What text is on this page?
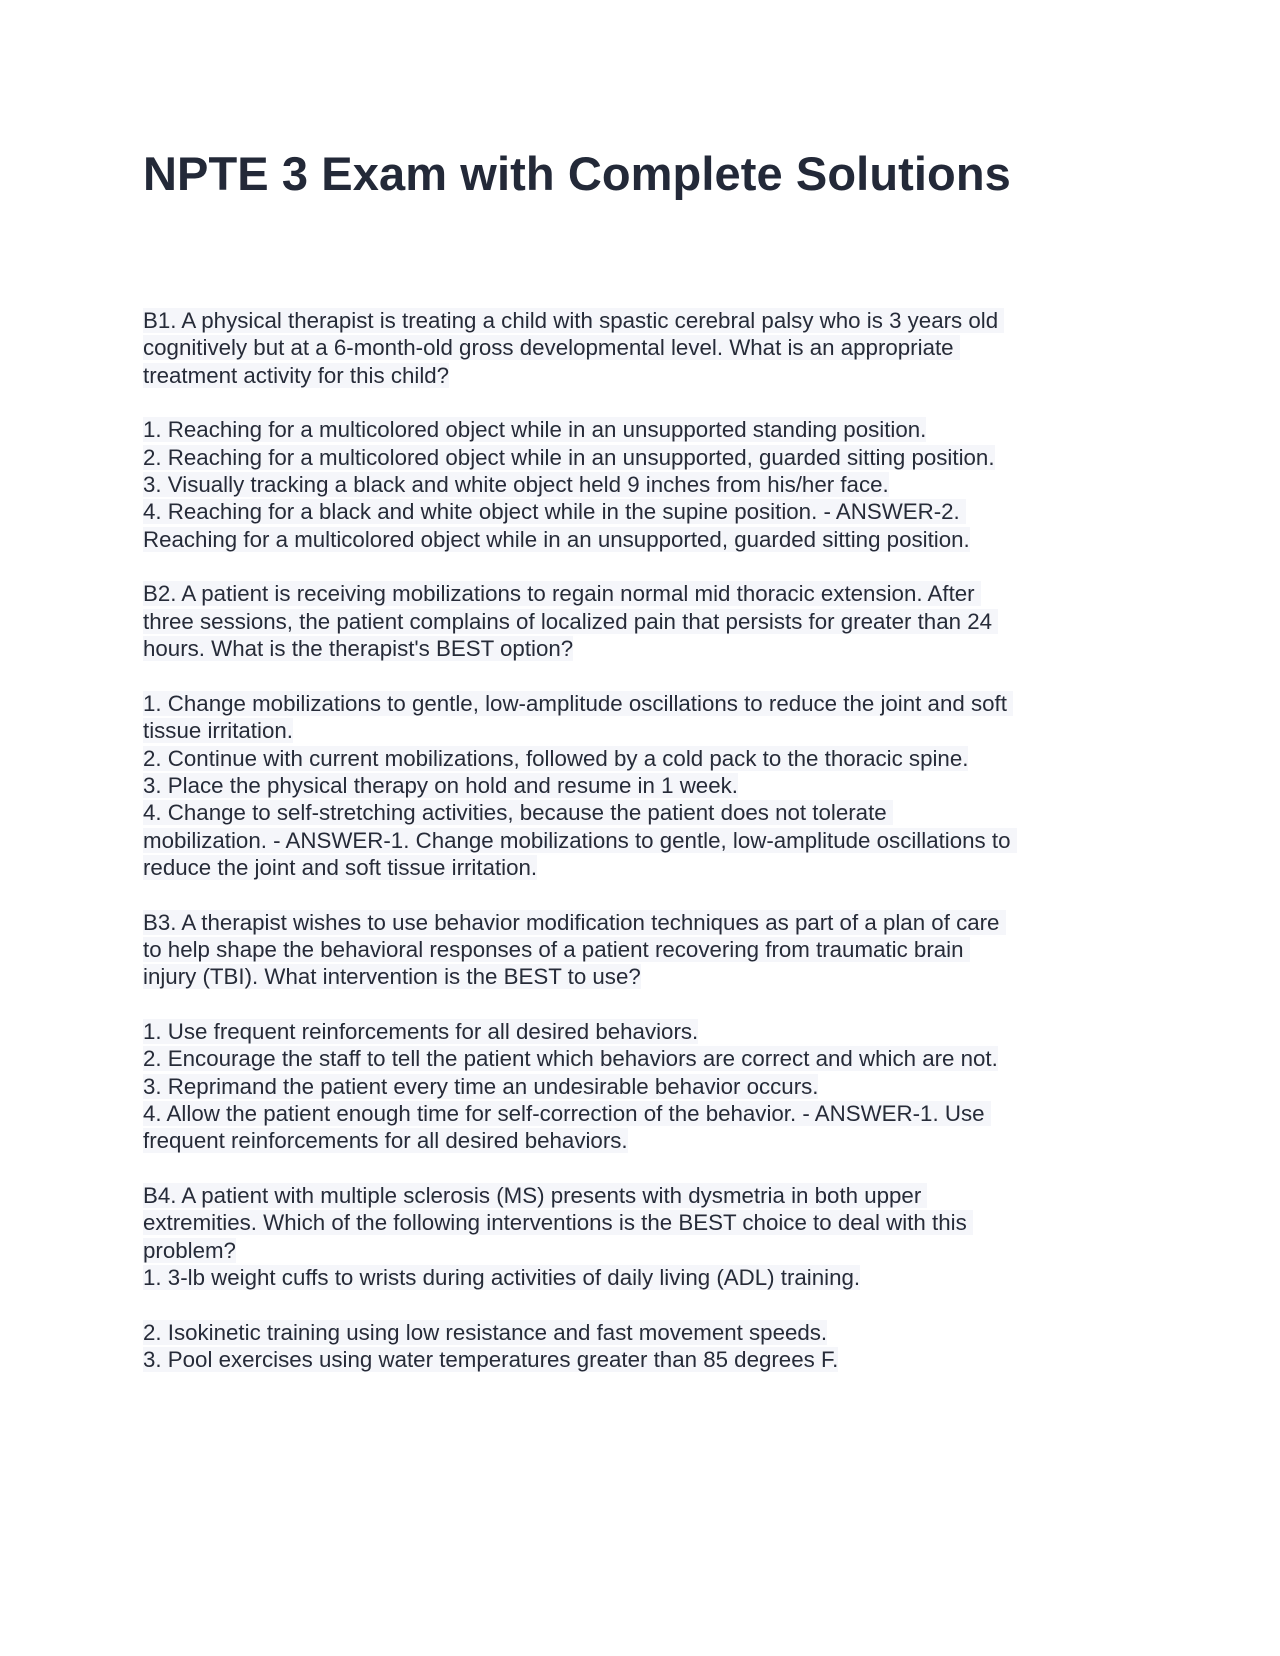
NPTE 3 Exam with Complete Solutions
B1. A physical therapist is treating a child with spastic cerebral palsy who is 3 years old
cognitively but at a 6-month-old gross developmental level. What is an appropriate
treatment activity for this child?
1. Reaching for a multicolored object while in an unsupported standing position.
2. Reaching for a multicolored object while in an unsupported, guarded sitting position.
3. Visually tracking a black and white object held 9 inches from his/her face.
4. Reaching for a black and white object while in the supine position. - ANSWER-2.
Reaching for a multicolored object while in an unsupported, guarded sitting position.
B2. A patient is receiving mobilizations to regain normal mid thoracic extension. After
three sessions, the patient complains of localized pain that persists for greater than 24
hours. What is the therapist's BEST option?
1. Change mobilizations to gentle, low-amplitude oscillations to reduce the joint and soft
tissue irritation.
2. Continue with current mobilizations, followed by a cold pack to the thoracic spine.
3. Place the physical therapy on hold and resume in 1 week.
4. Change to self-stretching activities, because the patient does not tolerate
mobilization. - ANSWER-1. Change mobilizations to gentle, low-amplitude oscillations to
reduce the joint and soft tissue irritation.
B3. A therapist wishes to use behavior modification techniques as part of a plan of care
to help shape the behavioral responses of a patient recovering from traumatic brain
injury (TBI). What intervention is the BEST to use?
1. Use frequent reinforcements for all desired behaviors.
2. Encourage the staff to tell the patient which behaviors are correct and which are not.
3. Reprimand the patient every time an undesirable behavior occurs.
4. Allow the patient enough time for self-correction of the behavior. - ANSWER-1. Use
frequent reinforcements for all desired behaviors.
B4. A patient with multiple sclerosis (MS) presents with dysmetria in both upper
extremities. Which of the following interventions is the BEST choice to deal with this
problem?
1. 3-lb weight cuffs to wrists during activities of daily living (ADL) training.
2. Isokinetic training using low resistance and fast movement speeds.
3. Pool exercises using water temperatures greater than 85 degrees F.
